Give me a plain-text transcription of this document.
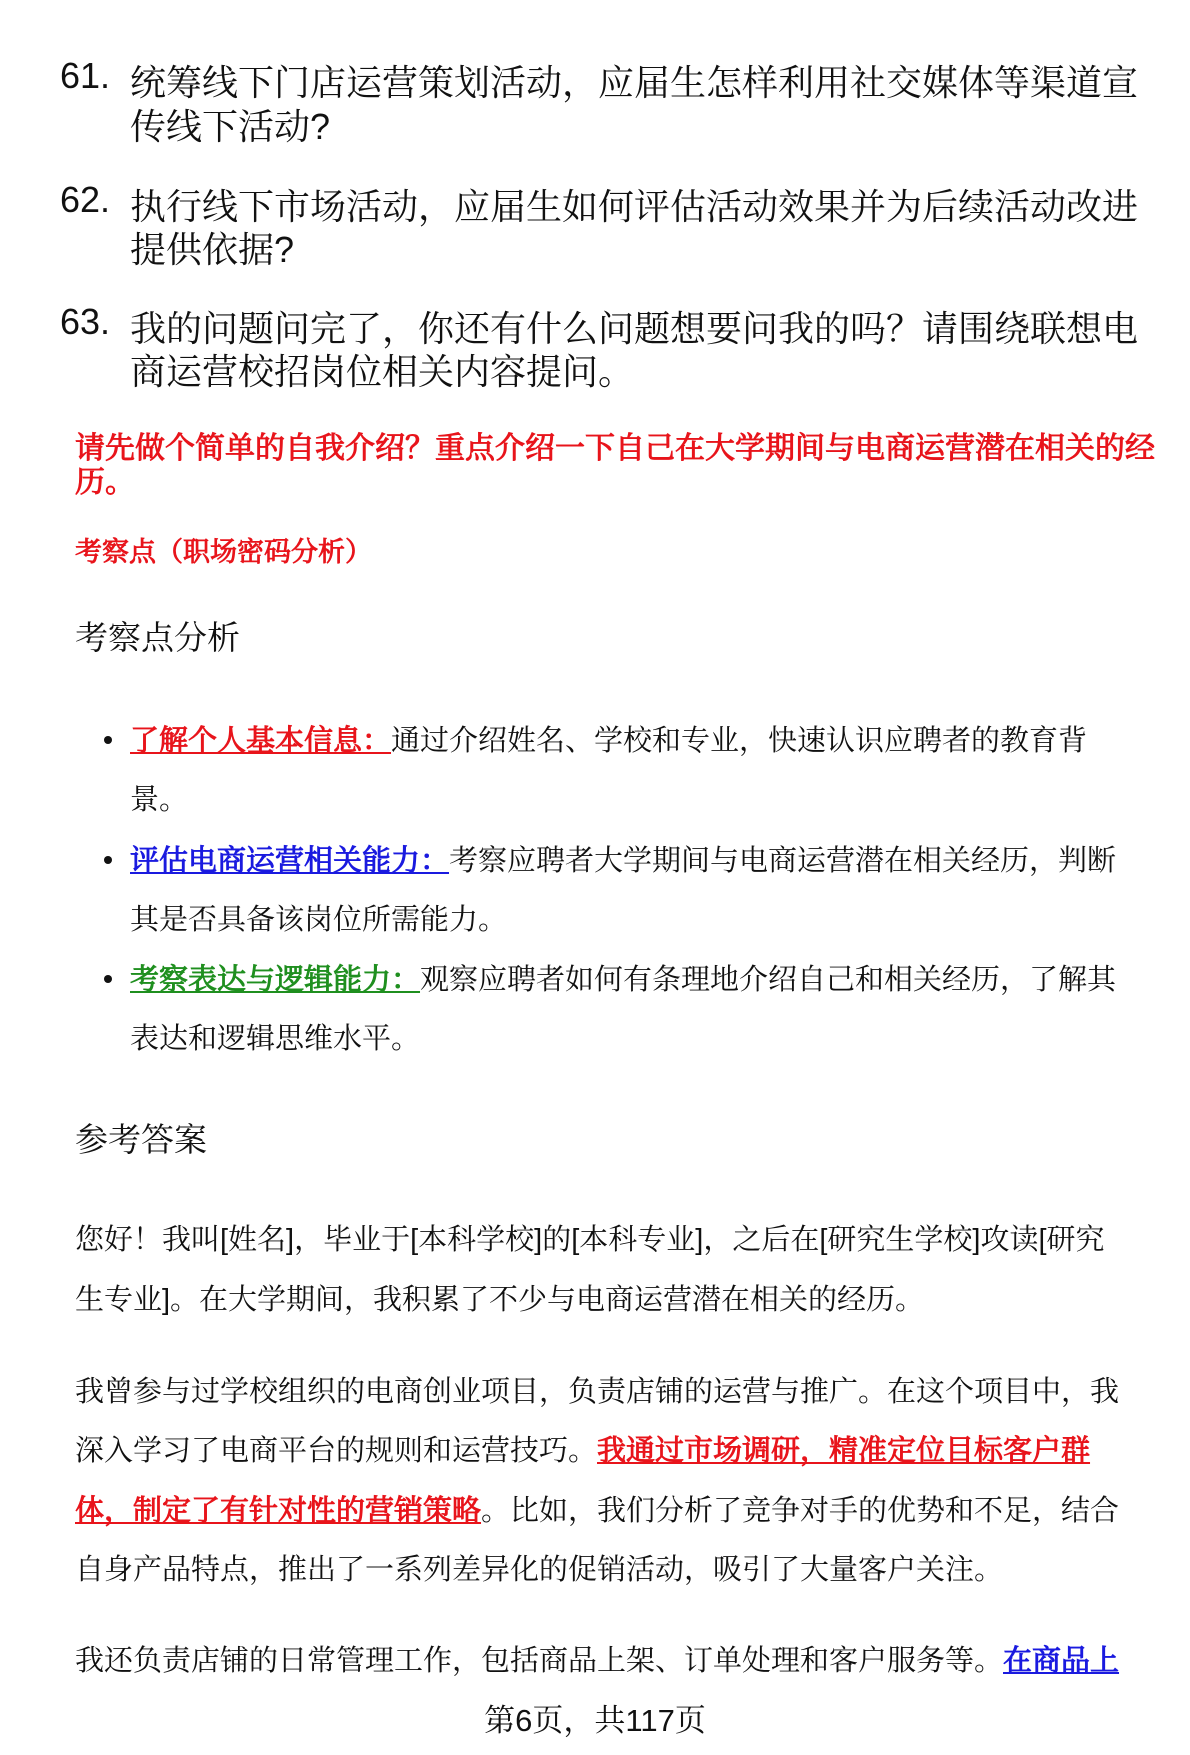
61. 统筹线下门店运营策划活动，应届生怎样利用社交媒体等渠道宣
传线下活动?
62. 执行线下市场活动，应届生如何评估活动效果并为后续活动改进
提供依据?
63. 我的问题问完了，你还有什么问题想要问我的吗？请围绕联想电
商运营校招岗位相关内容提问。
请先做个简单的自我介绍？重点介绍一下自己在大学期间与电商运营潜在相关的经
历。
考察点（职场密码分析）
考察点分析
了解个人基本信息：通过介绍姓名、学校和专业，快速认识应聘者的教育背
景。
评估电商运营相关能力：考察应聘者大学期间与电商运营潜在相关经历，判断
其是否具备该岗位所需能力。
考察表达与逻辑能力：观察应聘者如何有条理地介绍自己和相关经历，了解其
表达和逻辑思维水平。
参考答案
您好！我叫[姓名]，毕业于[本科学校]的[本科专业]，之后在[研究生学校]攻读[研究
生专业]。在大学期间，我积累了不少与电商运营潜在相关的经历。
我曾参与过学校组织的电商创业项目，负责店铺的运营与推广。在这个项目中，我
深入学习了电商平台的规则和运营技巧。我通过市场调研，精准定位目标客户群
体，制定了有针对性的营销策略。比如，我们分析了竞争对手的优势和不足，结合
自身产品特点，推出了一系列差异化的促销活动，吸引了大量客户关注。
我还负责店铺的日常管理工作，包括商品上架、订单处理和客户服务等。在商品上
第6页，共117页
